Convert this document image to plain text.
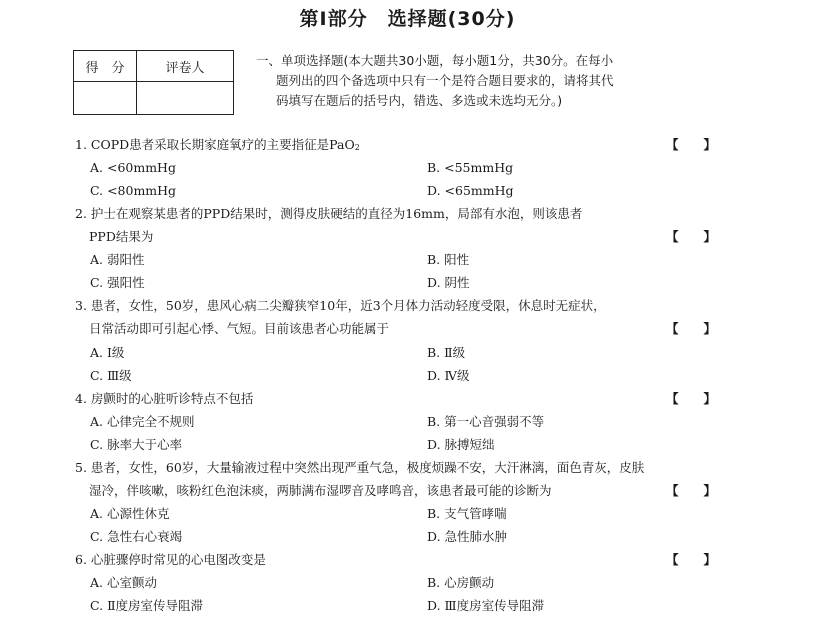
第Ⅰ部分　选择题(30分)
得　分	评卷人
		一、单项选择题(本大题共30小题，每小题1分，共30分。在每小
题列出的四个备选项中只有一个是符合题目要求的，请将其代
码填写在题后的括号内，错选、多选或未选均无分。)
1. COPD患者采取长期家庭氧疗的主要指征是PaO$_2$	【　　】
A. <60mmHg	B. <55mmHg
C. <80mmHg	D. <65mmHg
2. 护士在观察某患者的PPD结果时，测得皮肤硬结的直径为16mm，局部有水泡，则该患者
PPD结果为	【　　】
A. 弱阳性	B. 阳性
C. 强阳性	D. 阴性
3. 患者，女性，50岁，患风心病二尖瓣狭窄10年，近3个月体力活动轻度受限，休息时无症状，
日常活动即可引起心悸、气短。目前该患者心功能属于	【　　】
A. Ⅰ级	B. Ⅱ级
C. Ⅲ级	D. Ⅳ级
4. 房颤时的心脏听诊特点不包括	【　　】
A. 心律完全不规则	B. 第一心音强弱不等
C. 脉率大于心率	D. 脉搏短绌
5. 患者，女性，60岁，大量输液过程中突然出现严重气急，极度烦躁不安，大汗淋漓，面色青灰，皮肤
湿冷，伴咳嗽，咳粉红色泡沫痰，两肺满布湿啰音及哮鸣音，该患者最可能的诊断为	【　　】
A. 心源性休克	B. 支气管哮喘
C. 急性右心衰竭	D. 急性肺水肿
6. 心脏骤停时常见的心电图改变是	【　　】
A. 心室颤动	B. 心房颤动
C. Ⅱ度房室传导阻滞	D. Ⅲ度房室传导阻滞
